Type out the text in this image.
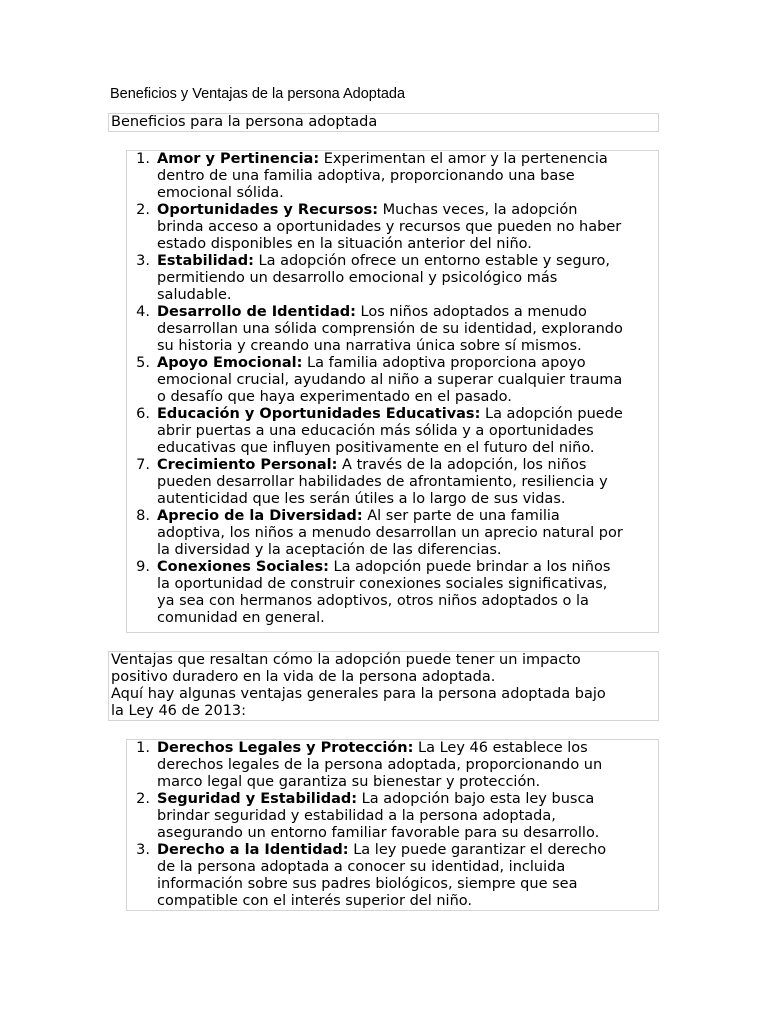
Beneficios y Ventajas de la persona Adoptada
Beneficios para la persona adoptada
1. Amor y Pertinencia: Experimentan el amor y la pertenencia
dentro de una familia adoptiva, proporcionando una base
emocional sólida.
2. Oportunidades y Recursos: Muchas veces, la adopción
brinda acceso a oportunidades y recursos que pueden no haber
estado disponibles en la situación anterior del niño.
3. Estabilidad: La adopción ofrece un entorno estable y seguro,
permitiendo un desarrollo emocional y psicológico más
saludable.
4. Desarrollo de Identidad: Los niños adoptados a menudo
desarrollan una sólida comprensión de su identidad, explorando
su historia y creando una narrativa única sobre sí mismos.
5. Apoyo Emocional: La familia adoptiva proporciona apoyo
emocional crucial, ayudando al niño a superar cualquier trauma
o desafío que haya experimentado en el pasado.
6. Educación y Oportunidades Educativas: La adopción puede
abrir puertas a una educación más sólida y a oportunidades
educativas que influyen positivamente en el futuro del niño.
7. Crecimiento Personal: A través de la adopción, los niños
pueden desarrollar habilidades de afrontamiento, resiliencia y
autenticidad que les serán útiles a lo largo de sus vidas.
8. Aprecio de la Diversidad: Al ser parte de una familia
adoptiva, los niños a menudo desarrollan un aprecio natural por
la diversidad y la aceptación de las diferencias.
9. Conexiones Sociales: La adopción puede brindar a los niños
la oportunidad de construir conexiones sociales significativas,
ya sea con hermanos adoptivos, otros niños adoptados o la
comunidad en general.

Ventajas que resaltan cómo la adopción puede tener un impacto

positivo duradero en la vida de la persona adoptada.

Aquí hay algunas ventajas generales para la persona adoptada bajo

la Ley 46 de 2013:

1. Derechos Legales y Protección: La Ley 46 establece los
derechos legales de la persona adoptada, proporcionando un
marco legal que garantiza su bienestar y protección.
2. Seguridad y Estabilidad: La adopción bajo esta ley busca
brindar seguridad y estabilidad a la persona adoptada,
asegurando un entorno familiar favorable para su desarrollo.
3. Derecho a la Identidad: La ley puede garantizar el derecho
de la persona adoptada a conocer su identidad, incluida
información sobre sus padres biológicos, siempre que sea
compatible con el interés superior del niño.
